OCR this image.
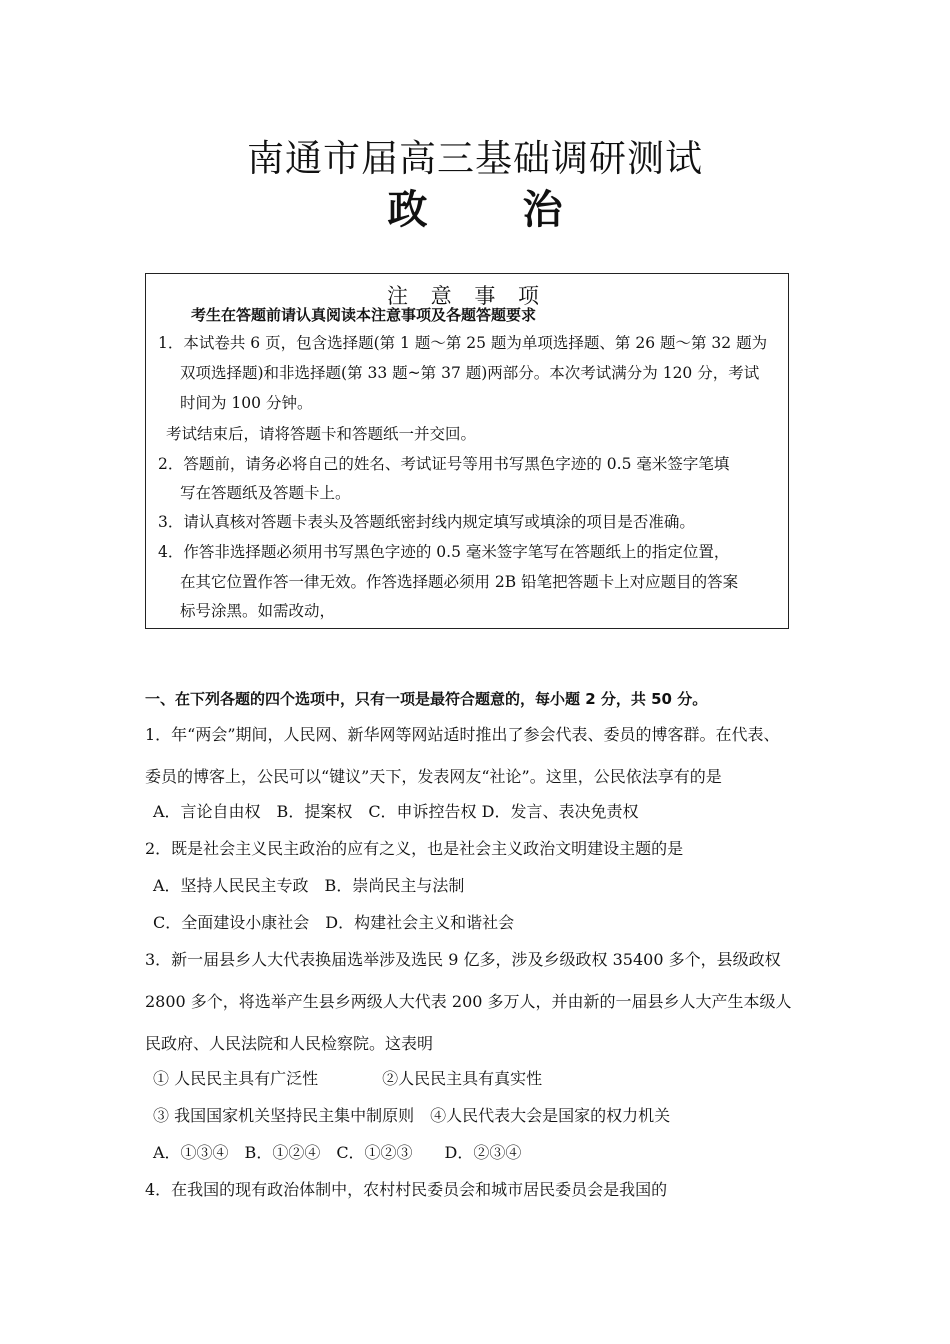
南通市届高三基础调研测试
政 治
注 意 事 项
考生在答题前请认真阅读本注意事项及各题答题要求
1．本试卷共 6 页，包含选择题(第 1 题～第 25 题为单项选择题、第 26 题～第 32 题为
双项选择题)和非选择题(第 33 题~第 37 题)两部分。本次考试满分为 120 分，考试
时间为 100 分钟。
考试结束后，请将答题卡和答题纸一并交回。
2．答题前，请务必将自己的姓名、考试证号等用书写黑色字迹的 0.5 毫米签字笔填
写在答题纸及答题卡上。
3．请认真核对答题卡表头及答题纸密封线内规定填写或填涂的项目是否准确。
4．作答非选择题必须用书写黑色字迹的 0.5 毫米签字笔写在答题纸上的指定位置，
在其它位置作答一律无效。作答选择题必须用 2B 铅笔把答题卡上对应题目的答案
标号涂黑。如需改动，
一、在下列各题的四个选项中，只有一项是最符合题意的，每小题 2 分，共 50 分。
1．年“两会”期间，人民网、新华网等网站适时推出了参会代表、委员的博客群。在代表、
委员的博客上，公民可以“键议”天下，发表网友“社论”。这里，公民依法享有的是
A．言论自由权　B．提案权　C．申诉控告权 D．发言、表决免责权
2．既是社会主义民主政治的应有之义，也是社会主义政治文明建设主题的是
A．坚持人民民主专政　B．崇尚民主与法制
C．全面建设小康社会　D．构建社会主义和谐社会
3．新一届县乡人大代表换届选举涉及选民 9 亿多，涉及乡级政权 35400 多个，县级政权
2800 多个，将选举产生县乡两级人大代表 200 多万人，并由新的一届县乡人大产生本级人
民政府、人民法院和人民检察院。这表明
① 人民民主具有广泛性　　　　②人民民主具有真实性
③ 我国国家机关坚持民主集中制原则　④人民代表大会是国家的权力机关
A．①③④　B．①②④　C．①②③　　D．②③④
4．在我国的现有政治体制中，农村村民委员会和城市居民委员会是我国的
